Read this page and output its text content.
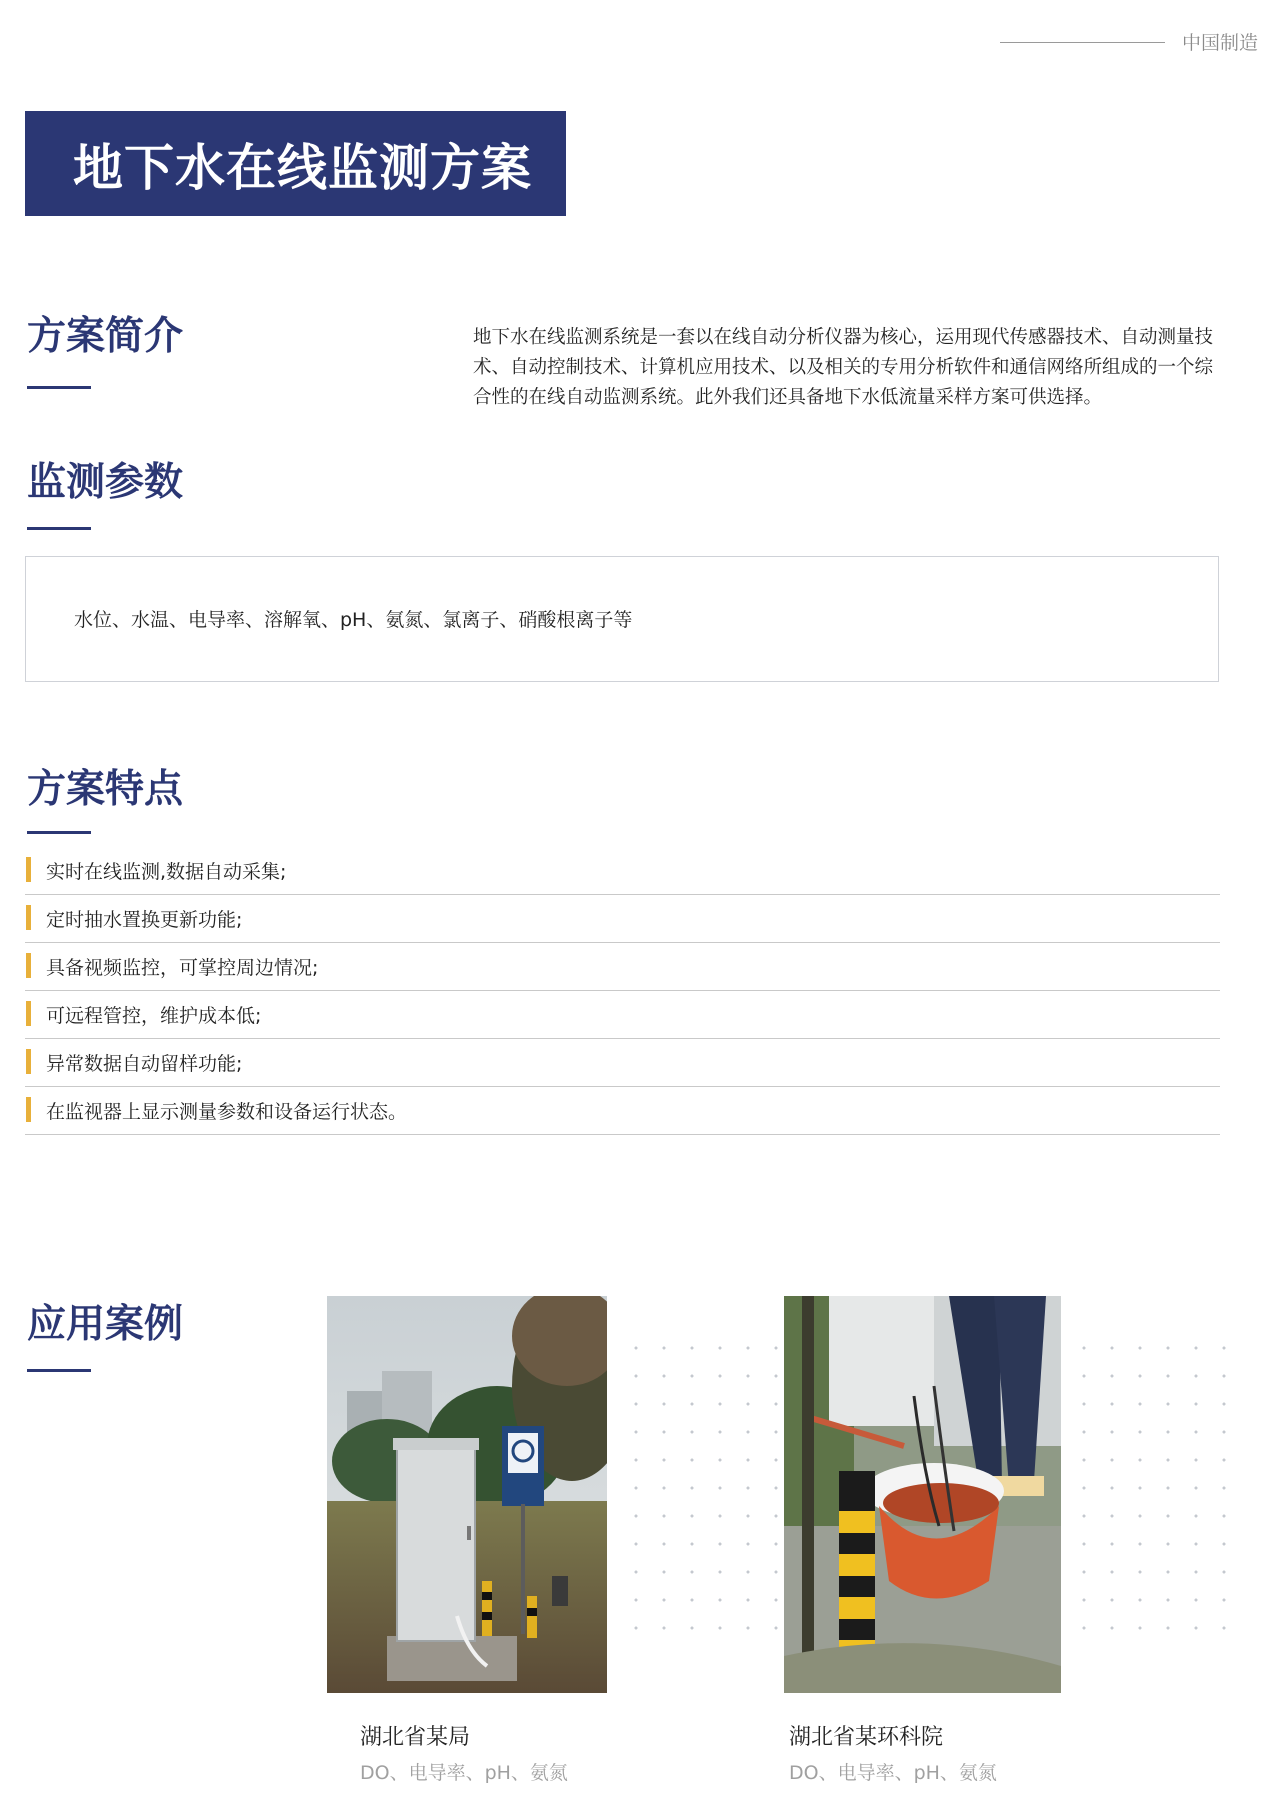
中国制造
地下水在线监测方案
方案简介	地下水在线监测系统是一套以在线自动分析仪器为核心，运用现代传感器技术、自动测量技术、自动控制技术、计算机应用技术、以及相关的专用分析软件和通信网络所组成的一个综合性的在线自动监测系统。此外我们还具备地下水低流量采样方案可供选择。
监测参数
水位、水温、电导率、溶解氧、pH、氨氮、氯离子、硝酸根离子等
方案特点
实时在线监测,数据自动采集;
定时抽水置换更新功能;
具备视频监控，可掌控周边情况;
可远程管控，维护成本低;
异常数据自动留样功能;
在监视器上显示测量参数和设备运行状态。
应用案例
湖北省某局
DO、电导率、pH、氨氮
湖北省某环科院
DO、电导率、pH、氨氮
